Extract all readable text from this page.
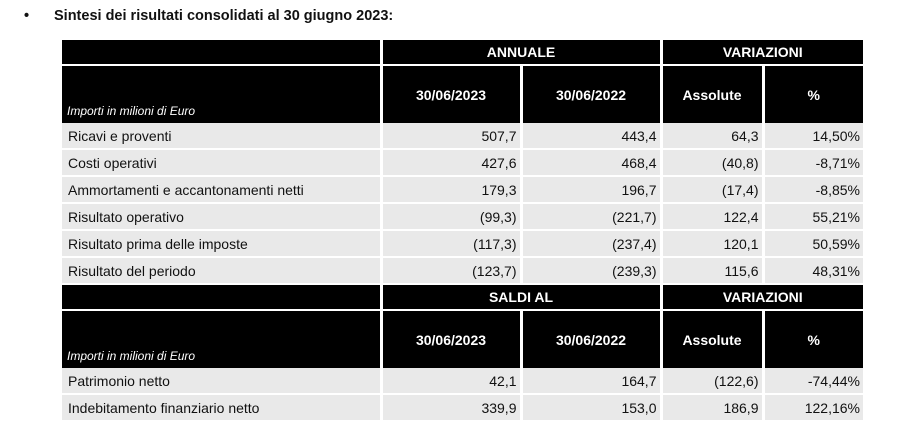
• Sintesi dei risultati consolidati al 30 giugno 2023:
	ANNUALE		VARIAZIONI	
Importi in milioni di Euro	30/06/2023	30/06/2022	Assolute	%
Ricavi e proventi	507,7	443,4	64,3	14,50%
Costi operativi	427,6	468,4	(40,8)	-8,71%
Ammortamenti e accantonamenti netti	179,3	196,7	(17,4)	-8,85%
Risultato operativo	(99,3)	(221,7)	122,4	55,21%
Risultato prima delle imposte	(117,3)	(237,4)	120,1	50,59%
Risultato del periodo	(123,7)	(239,3)	115,6	48,31%
	SALDI AL		VARIAZIONI	
Importi in milioni di Euro	30/06/2023	30/06/2022	Assolute	%
Patrimonio netto	42,1	164,7	(122,6)	-74,44%
Indebitamento finanziario netto	339,9	153,0	186,9	122,16%
